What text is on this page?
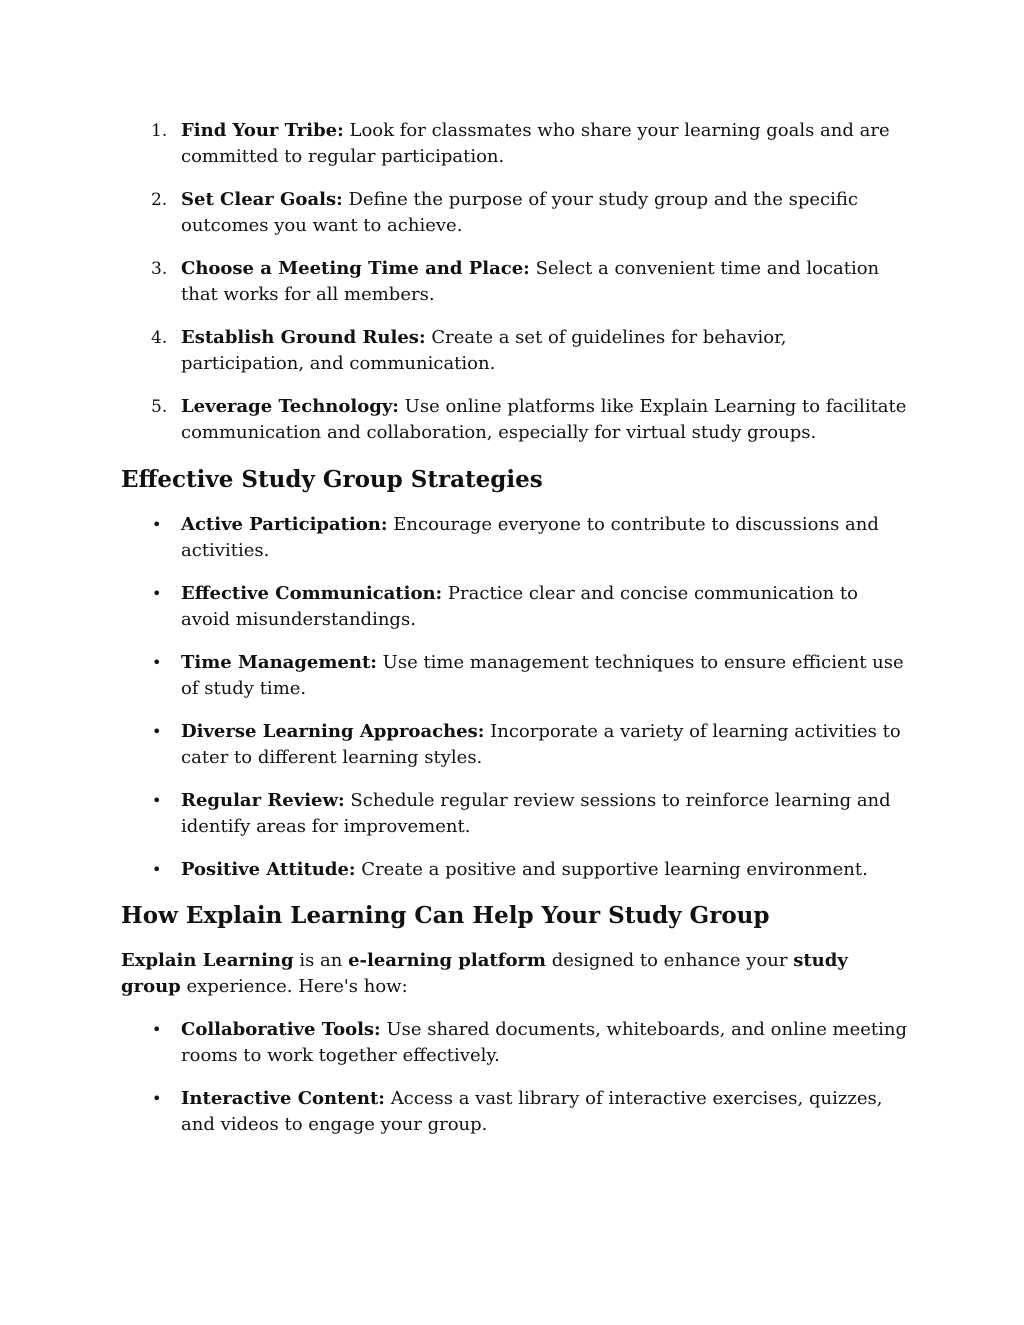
1. Find Your Tribe: Look for classmates who share your learning goals and are committed to regular participation.
2. Set Clear Goals: Define the purpose of your study group and the specific outcomes you want to achieve.
3. Choose a Meeting Time and Place: Select a convenient time and location that works for all members.
4. Establish Ground Rules: Create a set of guidelines for behavior, participation, and communication.
5. Leverage Technology: Use online platforms like Explain Learning to facilitate communication and collaboration, especially for virtual study groups.
Effective Study Group Strategies
• Active Participation: Encourage everyone to contribute to discussions and activities.
• Effective Communication: Practice clear and concise communication to avoid misunderstandings.
• Time Management: Use time management techniques to ensure efficient use of study time.
• Diverse Learning Approaches: Incorporate a variety of learning activities to cater to different learning styles.
• Regular Review: Schedule regular review sessions to reinforce learning and identify areas for improvement.
• Positive Attitude: Create a positive and supportive learning environment.
How Explain Learning Can Help Your Study Group

Explain Learning is an e-learning platform designed to enhance your study group experience. Here's how:

• Collaborative Tools: Use shared documents, whiteboards, and online meeting rooms to work together effectively.
• Interactive Content: Access a vast library of interactive exercises, quizzes, and videos to engage your group.
